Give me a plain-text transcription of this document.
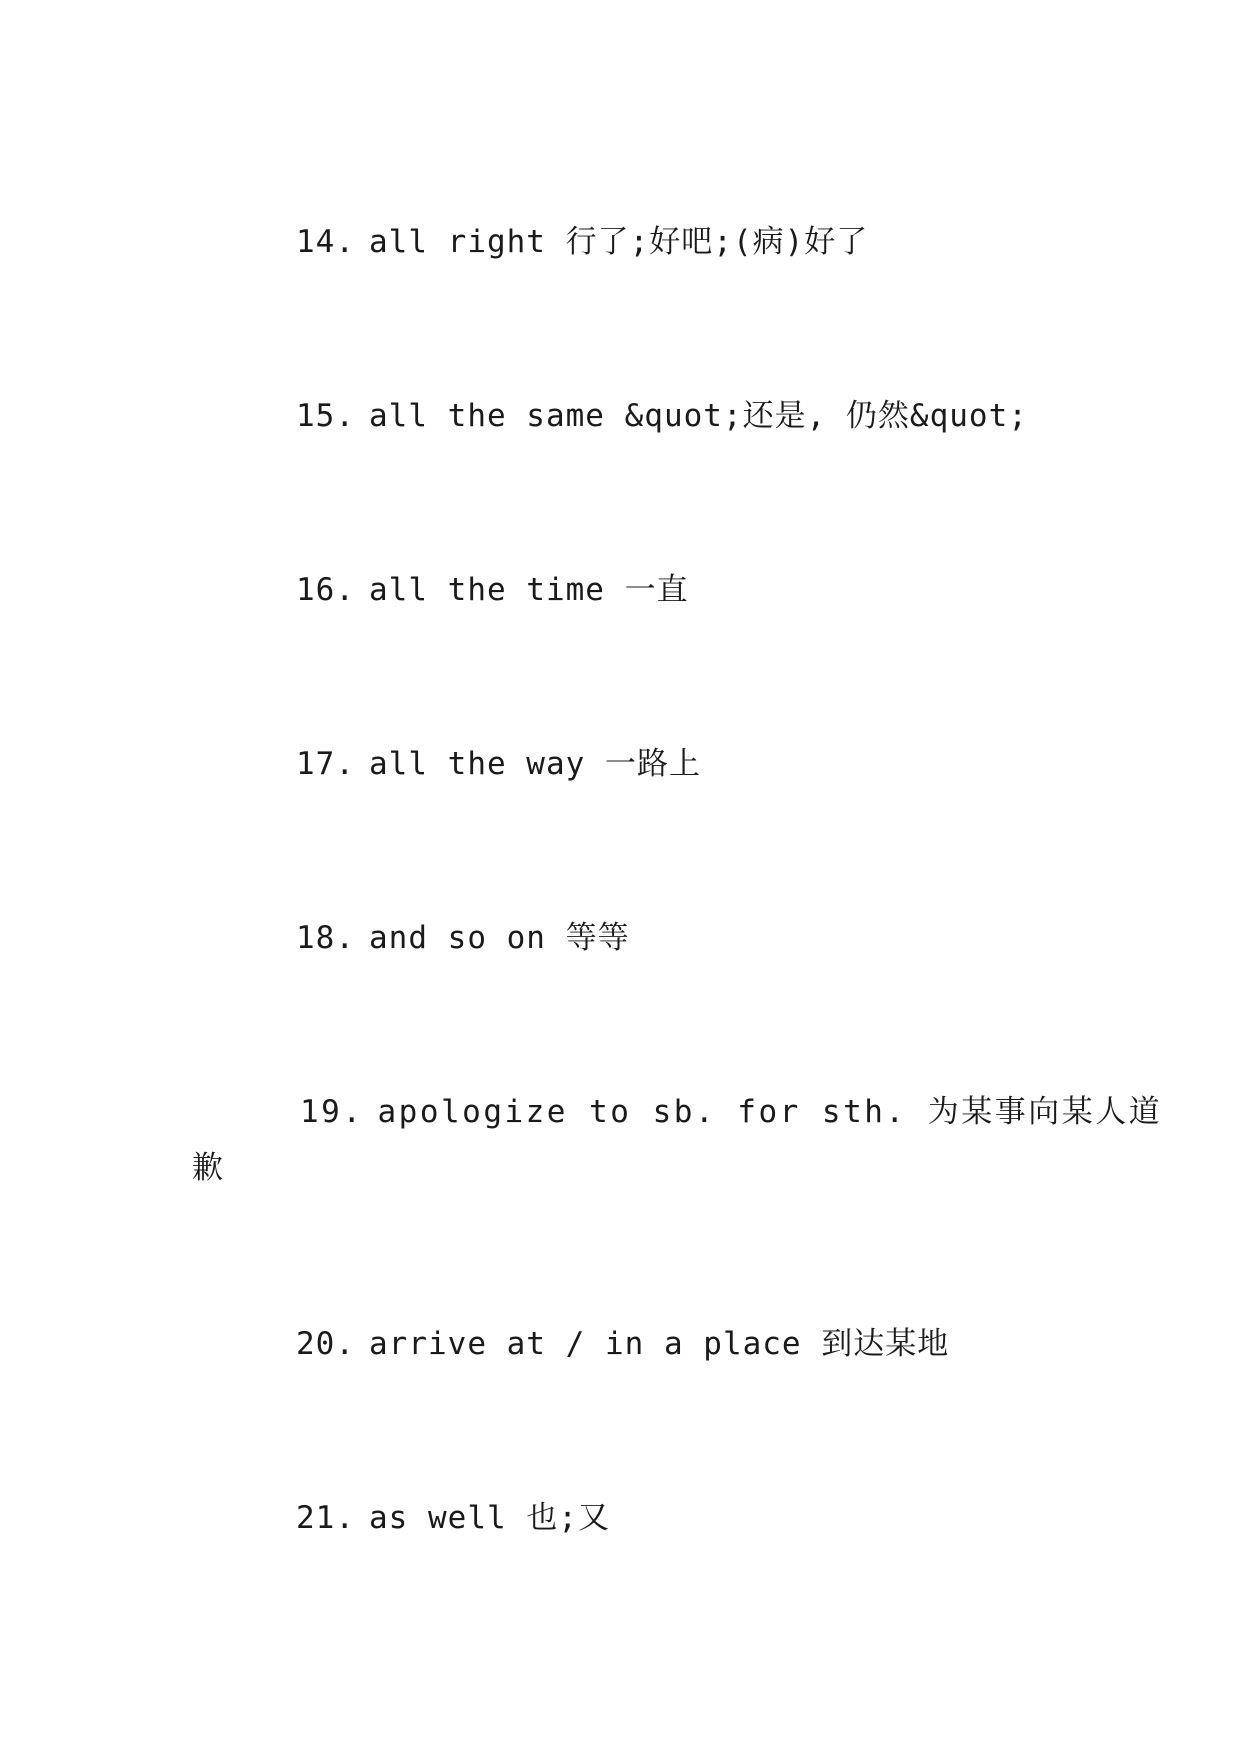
14. all right 行了;好吧;(病)好了
15. all the same &quot;还是, 仍然&quot;
16. all the time 一直
17. all the way 一路上
18. and so on 等等
19. apologize to sb. for sth. 为某事向某人道
歉
20. arrive at / in a place 到达某地
21. as well 也;又
